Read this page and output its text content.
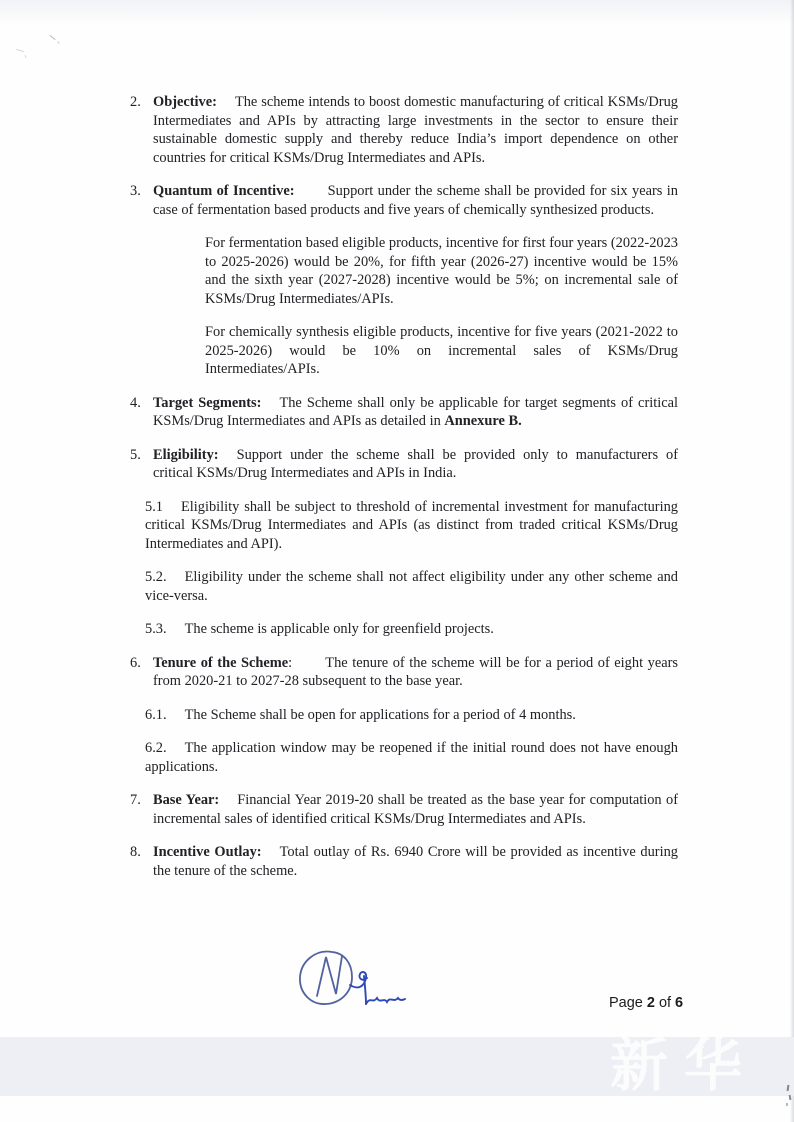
2. Objective: The scheme intends to boost domestic manufacturing of critical KSMs/Drug Intermediates and APIs by attracting large investments in the sector to ensure their sustainable domestic supply and thereby reduce India’s import dependence on other countries for critical KSMs/Drug Intermediates and APIs.
3. Quantum of Incentive: Support under the scheme shall be provided for six years in case of fermentation based products and five years of chemically synthesized products.
For fermentation based eligible products, incentive for first four years (2022-2023 to 2025-2026) would be 20%, for fifth year (2026-27) incentive would be 15% and the sixth year (2027-2028) incentive would be 5%; on incremental sale of KSMs/Drug Intermediates/APIs.
For chemically synthesis eligible products, incentive for five years (2021-2022 to 2025-2026) would be 10% on incremental sales of KSMs/Drug Intermediates/APIs.
4. Target Segments: The Scheme shall only be applicable for target segments of critical KSMs/Drug Intermediates and APIs as detailed in Annexure B.
5. Eligibility: Support under the scheme shall be provided only to manufacturers of critical KSMs/Drug Intermediates and APIs in India.
5.1 Eligibility shall be subject to threshold of incremental investment for manufacturing critical KSMs/Drug Intermediates and APIs (as distinct from traded critical KSMs/Drug Intermediates and API).
5.2. Eligibility under the scheme shall not affect eligibility under any other scheme and vice-versa.
5.3. The scheme is applicable only for greenfield projects.
6. Tenure of the Scheme: The tenure of the scheme will be for a period of eight years from 2020-21 to 2027-28 subsequent to the base year.
6.1. The Scheme shall be open for applications for a period of 4 months.
6.2. The application window may be reopened if the initial round does not have enough applications.
7. Base Year: Financial Year 2019-20 shall be treated as the base year for computation of incremental sales of identified critical KSMs/Drug Intermediates and APIs.
8. Incentive Outlay: Total outlay of Rs. 6940 Crore will be provided as incentive during the tenure of the scheme.
Page 2 of 6
新华
